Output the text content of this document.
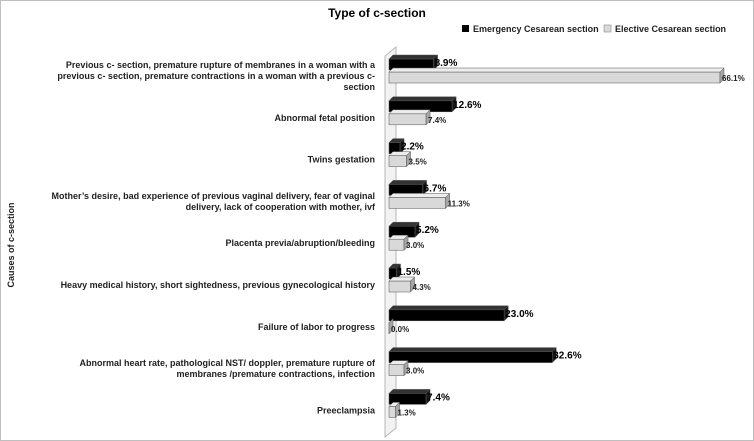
Type of c-section
Emergency Cesarean section Elective Cesarean section
Causes of c-section
Previous c- section, premature rupture of membranes in a woman with a previous c- section, premature contractions in a woman with a previous c-section
Abnormal fetal position
Twins gestation
Mother’s desire, bad experience of previous vaginal delivery, fear of vaginal delivery, lack of cooperation with mother, ivf
Placenta previa/abruption/bleeding
Heavy medical history, short sightedness, previous gynecological history
Failure of labor to progress
Abnormal heart rate, pathological NST/ doppler, premature rupture of membranes /premature contractions, infection
Preeclampsia
8.9%
66.1%
12.6%
7.4%
2.2%
3.5%
6.7%
11.3%
5.2%
3.0%
1.5%
4.3%
23.0%
0.0%
32.6%
3.0%
7.4%
1.3%
